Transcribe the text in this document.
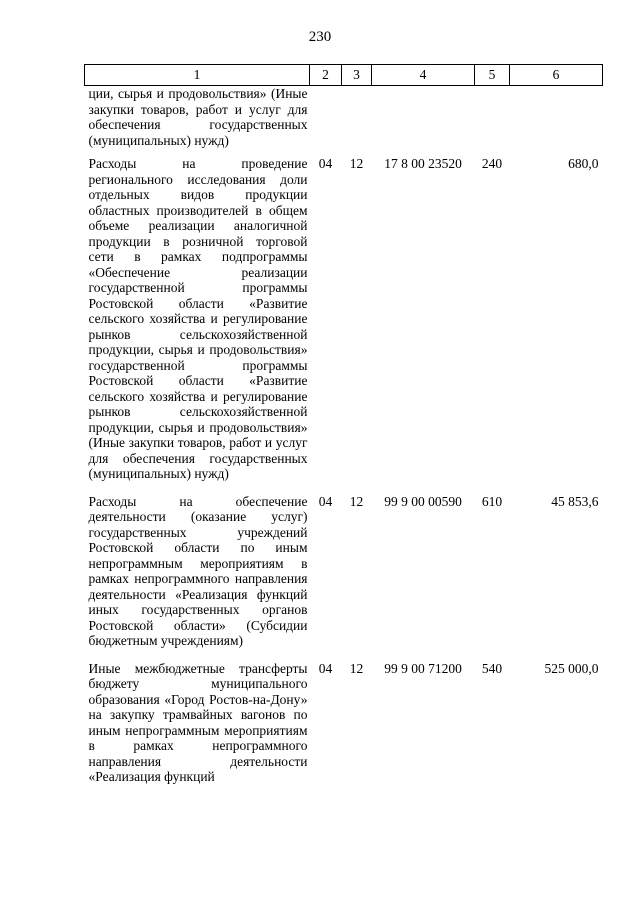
230
1	2	3	4	5	6
ции, сырья и продовольствия» (Иные закупки товаров, работ и услуг для обеспечения государственных (муниципальных) нужд)					
Расходы на проведение регионального исследования доли отдельных видов продукции областных производителей в общем объеме реализации аналогичной продукции в розничной торговой сети в рамках подпрограммы «Обеспечение реализации государственной программы Ростовской области «Развитие сельского хозяйства и регулирование рынков сельскохозяйственной продукции, сырья и продовольствия» государственной программы Ростовской области «Развитие сельского хозяйства и регулирование рынков сельскохозяйственной продукции, сырья и продовольствия» (Иные закупки товаров, работ и услуг для обеспечения государственных (муниципальных) нужд)	04	12	17 8 00 23520	240	680,0
Расходы на обеспечение деятельности (оказание услуг) государственных учреждений Ростовской области по иным непрограммным мероприятиям в рамках непрограммного направления деятельности «Реализация функций иных государственных органов Ростовской области» (Субсидии бюджетным учреждениям)	04	12	99 9 00 00590	610	45 853,6
Иные межбюджетные трансферты бюджету муниципального образования «Город Ростов-на-Дону» на закупку трамвайных вагонов по иным непрограммным мероприятиям в рамках непрограммного направления деятельности «Реализация функций	04	12	99 9 00 71200	540	525 000,0
